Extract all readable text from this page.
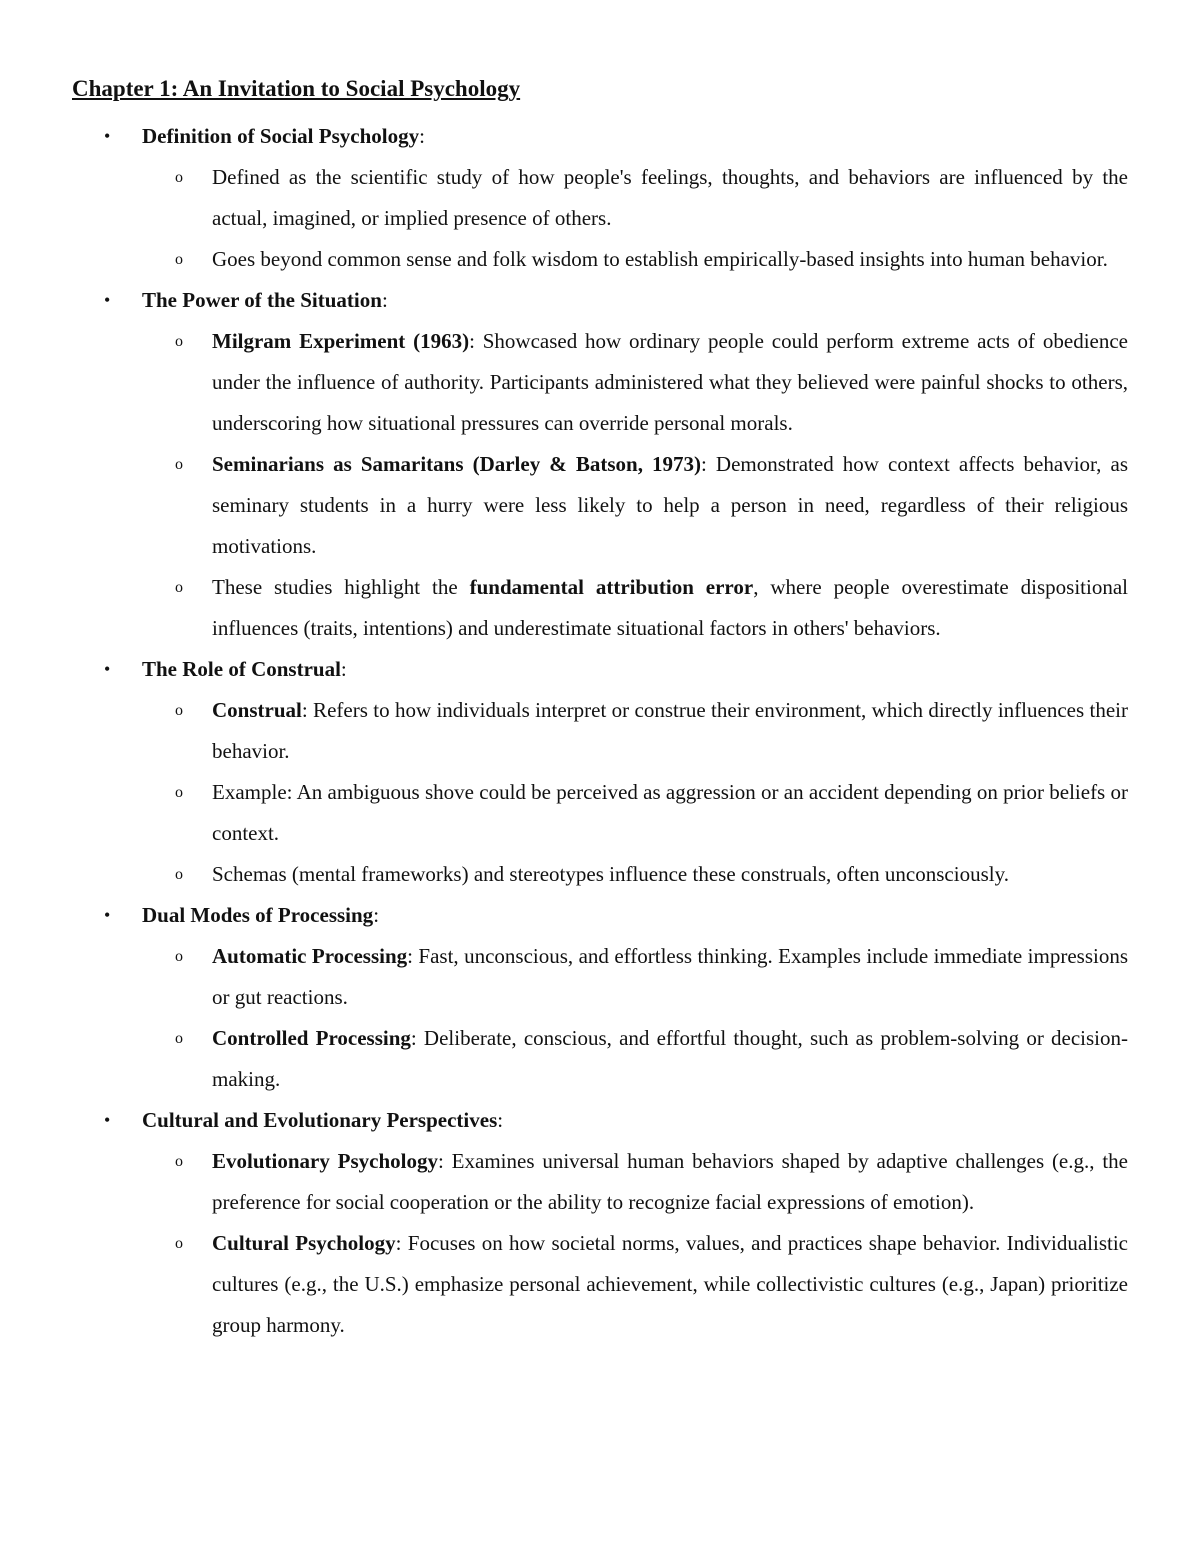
Chapter 1: An Invitation to Social Psychology
• Definition of Social Psychology:
o Defined as the scientific study of how people's feelings, thoughts, and behaviors are influenced by the actual, imagined, or implied presence of others.
o Goes beyond common sense and folk wisdom to establish empirically-based insights into human behavior.
• The Power of the Situation:
o Milgram Experiment (1963): Showcased how ordinary people could perform extreme acts of obedience under the influence of authority. Participants administered what they believed were painful shocks to others, underscoring how situational pressures can override personal morals.
o Seminarians as Samaritans (Darley & Batson, 1973): Demonstrated how context affects behavior, as seminary students in a hurry were less likely to help a person in need, regardless of their religious motivations.
o These studies highlight the fundamental attribution error, where people overestimate dispositional influences (traits, intentions) and underestimate situational factors in others' behaviors.
• The Role of Construal:
o Construal: Refers to how individuals interpret or construe their environment, which directly influences their behavior.
o Example: An ambiguous shove could be perceived as aggression or an accident depending on prior beliefs or context.
o Schemas (mental frameworks) and stereotypes influence these construals, often unconsciously.
• Dual Modes of Processing:
o Automatic Processing: Fast, unconscious, and effortless thinking. Examples include immediate impressions or gut reactions.
o Controlled Processing: Deliberate, conscious, and effortful thought, such as problem-solving or decision-making.
• Cultural and Evolutionary Perspectives:
o Evolutionary Psychology: Examines universal human behaviors shaped by adaptive challenges (e.g., the preference for social cooperation or the ability to recognize facial expressions of emotion).
o Cultural Psychology: Focuses on how societal norms, values, and practices shape behavior. Individualistic cultures (e.g., the U.S.) emphasize personal achievement, while collectivistic cultures (e.g., Japan) prioritize group harmony.
